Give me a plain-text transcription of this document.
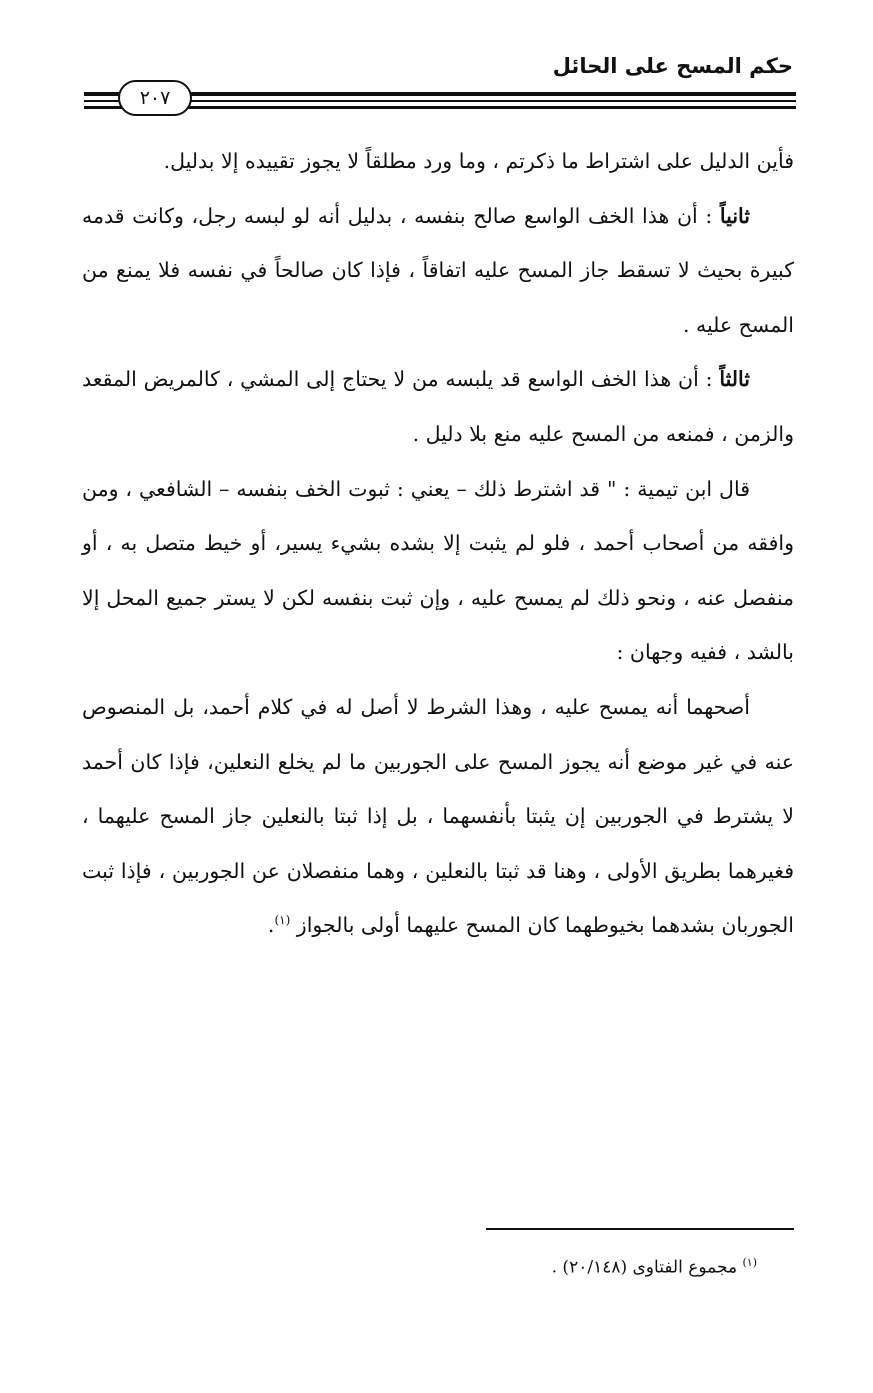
حكم المسح على الحائل
٢٠٧

فأين الدليل على اشتراط ما ذكرتم ، وما ورد مطلقاً لا يجوز تقييده إلا بدليل.

ثانياً : أن هذا الخف الواسع صالح بنفسه ، بدليل أنه لو لبسه رجل، وكانت قدمه كبيرة بحيث لا تسقط جاز المسح عليه اتفاقاً ، فإذا كان صالحاً في نفسه فلا يمنع من المسح عليه .

ثالثاً : أن هذا الخف الواسع قد يلبسه من لا يحتاج إلى المشي ، كالمريض المقعد والزمن ، فمنعه من المسح عليه منع بلا دليل .

قال ابن تيمية : " قد اشترط ذلك – يعني : ثبوت الخف بنفسه – الشافعي ، ومن وافقه من أصحاب أحمد ، فلو لم يثبت إلا بشده بشيء يسير، أو خيط متصل به ، أو منفصل عنه ، ونحو ذلك لم يمسح عليه ، وإن ثبت بنفسه لكن لا يستر جميع المحل إلا بالشد ، ففيه وجهان :

أصحهما أنه يمسح عليه ، وهذا الشرط لا أصل له في كلام أحمد، بل المنصوص عنه في غير موضع أنه يجوز المسح على الجوربين ما لم يخلع النعلين، فإذا كان أحمد لا يشترط في الجوربين إن يثبتا بأنفسهما ، بل إذا ثبتا بالنعلين جاز المسح عليهما ، فغيرهما بطريق الأولى ، وهنا قد ثبتا بالنعلين ، وهما منفصلان عن الجوربين ، فإذا ثبت الجوربان بشدهما بخيوطهما كان المسح عليهما أولى بالجواز $^{(١)}$.

$^{(١)}$ مجموع الفتاوى (٢٠/١٤٨) .
